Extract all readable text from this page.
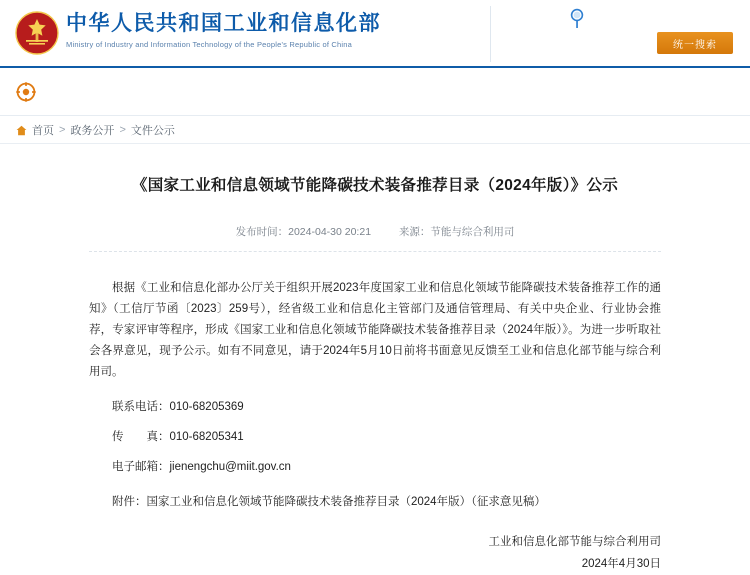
中华人民共和国工业和信息化部
Ministry of Industry and Information Technology of the People's Republic of China	统一搜索
首页 > 政务公开 > 文件公示
《国家工业和信息领域节能降碳技术装备推荐目录（2024年版）》公示
发布时间：2024-04-30 20:21	来源：节能与综合利用司

根据《工业和信息化部办公厅关于组织开展2023年度国家工业和信息化领域节能降碳技术装备推荐工作的通知》（工信厅节函〔2023〕259号），经省级工业和信息化主管部门及通信管理局、有关中央企业、行业协会推荐，专家评审等程序，形成《国家工业和信息化领域节能降碳技术装备推荐目录（2024年版）》。为进一步听取社会各界意见，现予公示。如有不同意见，请于2024年5月10日前将书面意见反馈至工业和信息化部节能与综合利用司。

联系电话：010-68205369

传　　真：010-68205341

电子邮箱：jienengchu@miit.gov.cn

附件：国家工业和信息化领域节能降碳技术装备推荐目录（2024年版）（征求意见稿）

工业和信息化部节能与综合利用司
2024年4月30日
